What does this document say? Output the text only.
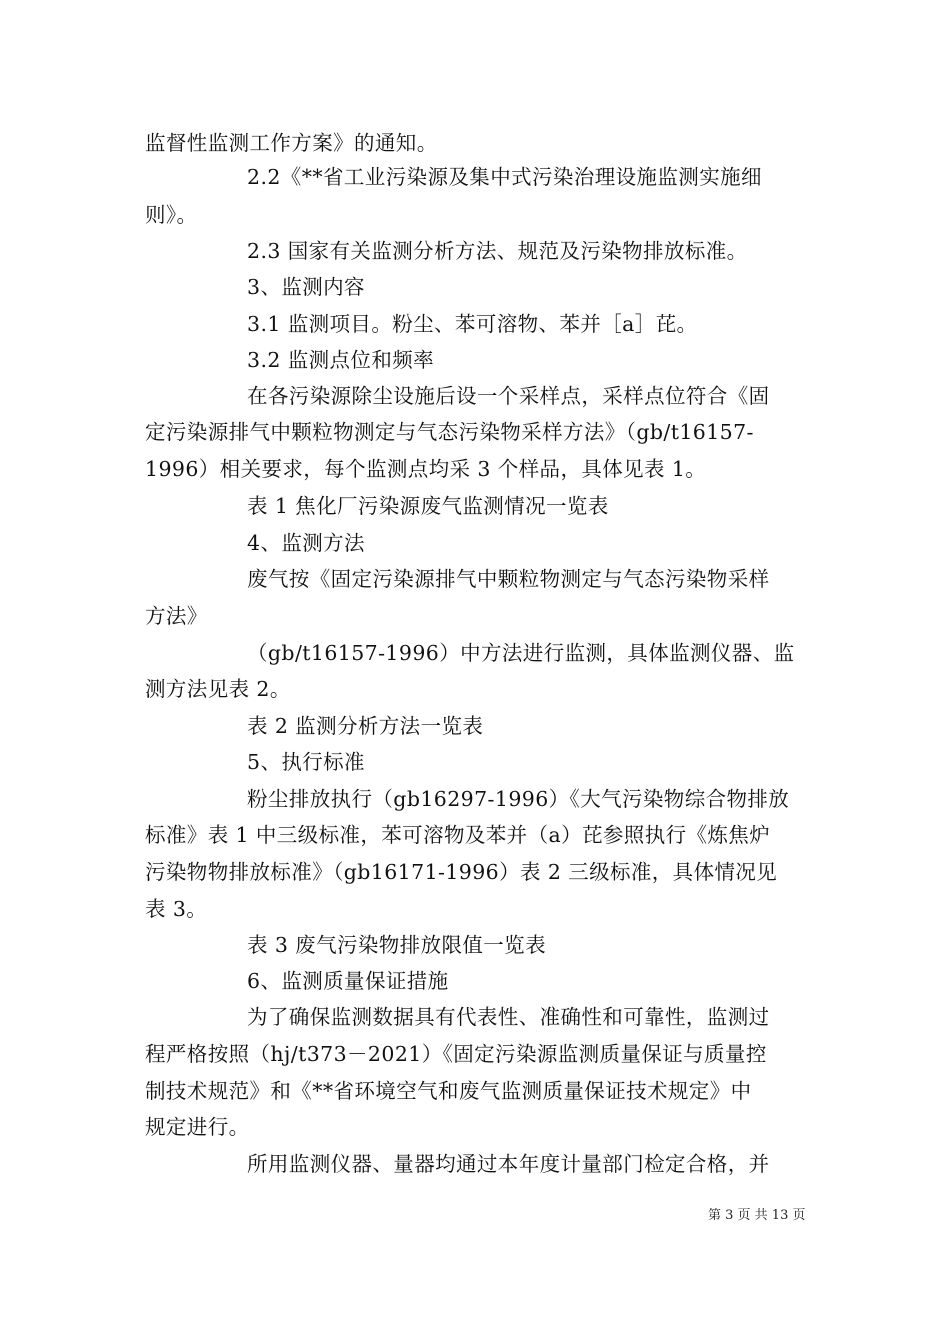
监督性监测工作方案》的通知。
2.2《**省工业污染源及集中式污染治理设施监测实施细
则》。
2.3 国家有关监测分析方法、规范及污染物排放标准。
3、监测内容
3.1 监测项目。粉尘、苯可溶物、苯并［a］芘。
3.2 监测点位和频率
在各污染源除尘设施后设一个采样点，采样点位符合《固
定污染源排气中颗粒物测定与气态污染物采样方法》（gb/t16157-
1996）相关要求，每个监测点均采 3 个样品，具体见表 1。
表 1 焦化厂污染源废气监测情况一览表
4、监测方法
废气按《固定污染源排气中颗粒物测定与气态污染物采样
方法》
（gb/t16157-1996）中方法进行监测，具体监测仪器、监
测方法见表 2。
表 2 监测分析方法一览表
5、执行标准
粉尘排放执行（gb16297-1996）《大气污染物综合物排放
标准》表 1 中三级标准，苯可溶物及苯并（a）芘参照执行《炼焦炉
污染物物排放标准》（gb16171-1996）表 2 三级标准，具体情况见
表 3。
表 3 废气污染物排放限值一览表
6、监测质量保证措施
为了确保监测数据具有代表性、准确性和可靠性，监测过
程严格按照（hj/t373－2021）《固定污染源监测质量保证与质量控
制技术规范》和《**省环境空气和废气监测质量保证技术规定》中
规定进行。
所用监测仪器、量器均通过本年度计量部门检定合格，并
第 3 页 共 13 页
